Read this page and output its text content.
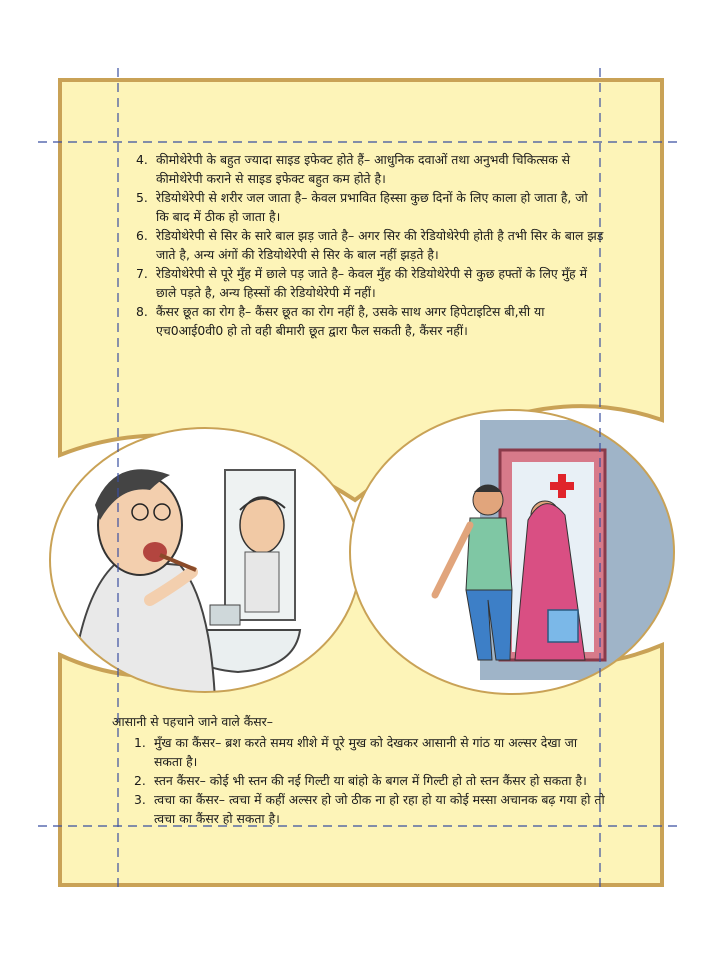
4. कीमोथेरेपी के बहुत ज्यादा साइड इफेक्ट होते हैं– आधुनिक दवाओं तथा अनुभवी चिकित्सक से कीमोथेरेपी कराने से साइड इफेक्ट बहुत कम होते है।
5. रेडियोथेरेपी से शरीर जल जाता है– केवल प्रभावित हिस्सा कुछ दिनों के लिए काला हो जाता है, जो कि बाद में ठीक हो जाता है।
6. रेडियोथेरेपी से सिर के सारे बाल झड़ जाते है– अगर सिर की रेडियोथेरेपी होती है तभी सिर के बाल झड़ जाते है, अन्य अंगों की रेडियोथेरेपी से सिर के बाल नहीं झड़ते है।
7. रेडियोथेरेपी से पूरे मुँह में छाले पड़ जाते है– केवल मुँह की रेडियोथेरेपी से कुछ हफ्तों के लिए मुँह में छाले पड़ते है, अन्य हिस्सों की रेडियोथेरेपी में नहीं।
8. कैंसर छूत का रोग है– कैंसर छूत का रोग नहीं है, उसके साथ अगर हिपेटाइटिस बी,सी या एच0आई0वी0 हो तो वही बीमारी छूत द्वारा फैल सकती है, कैंसर नहीं।

आसानी से पहचाने जाने वाले कैंसर–

1. मुँख का कैंसर– ब्रश करते समय शीशे में पूरे मुख को देखकर आसानी से गांठ या अल्सर देखा जा सकता है।
2. स्तन कैंसर– कोई भी स्तन की नई गिल्टी या बांहो के बगल में गिल्टी हो तो स्तन कैंसर हो सकता है।
3. त्वचा का कैंसर– त्वचा में कहीं अल्सर हो जो ठीक ना हो रहा हो या कोई मस्सा अचानक बढ़ गया हो तो त्वचा का कैंसर हो सकता है।
